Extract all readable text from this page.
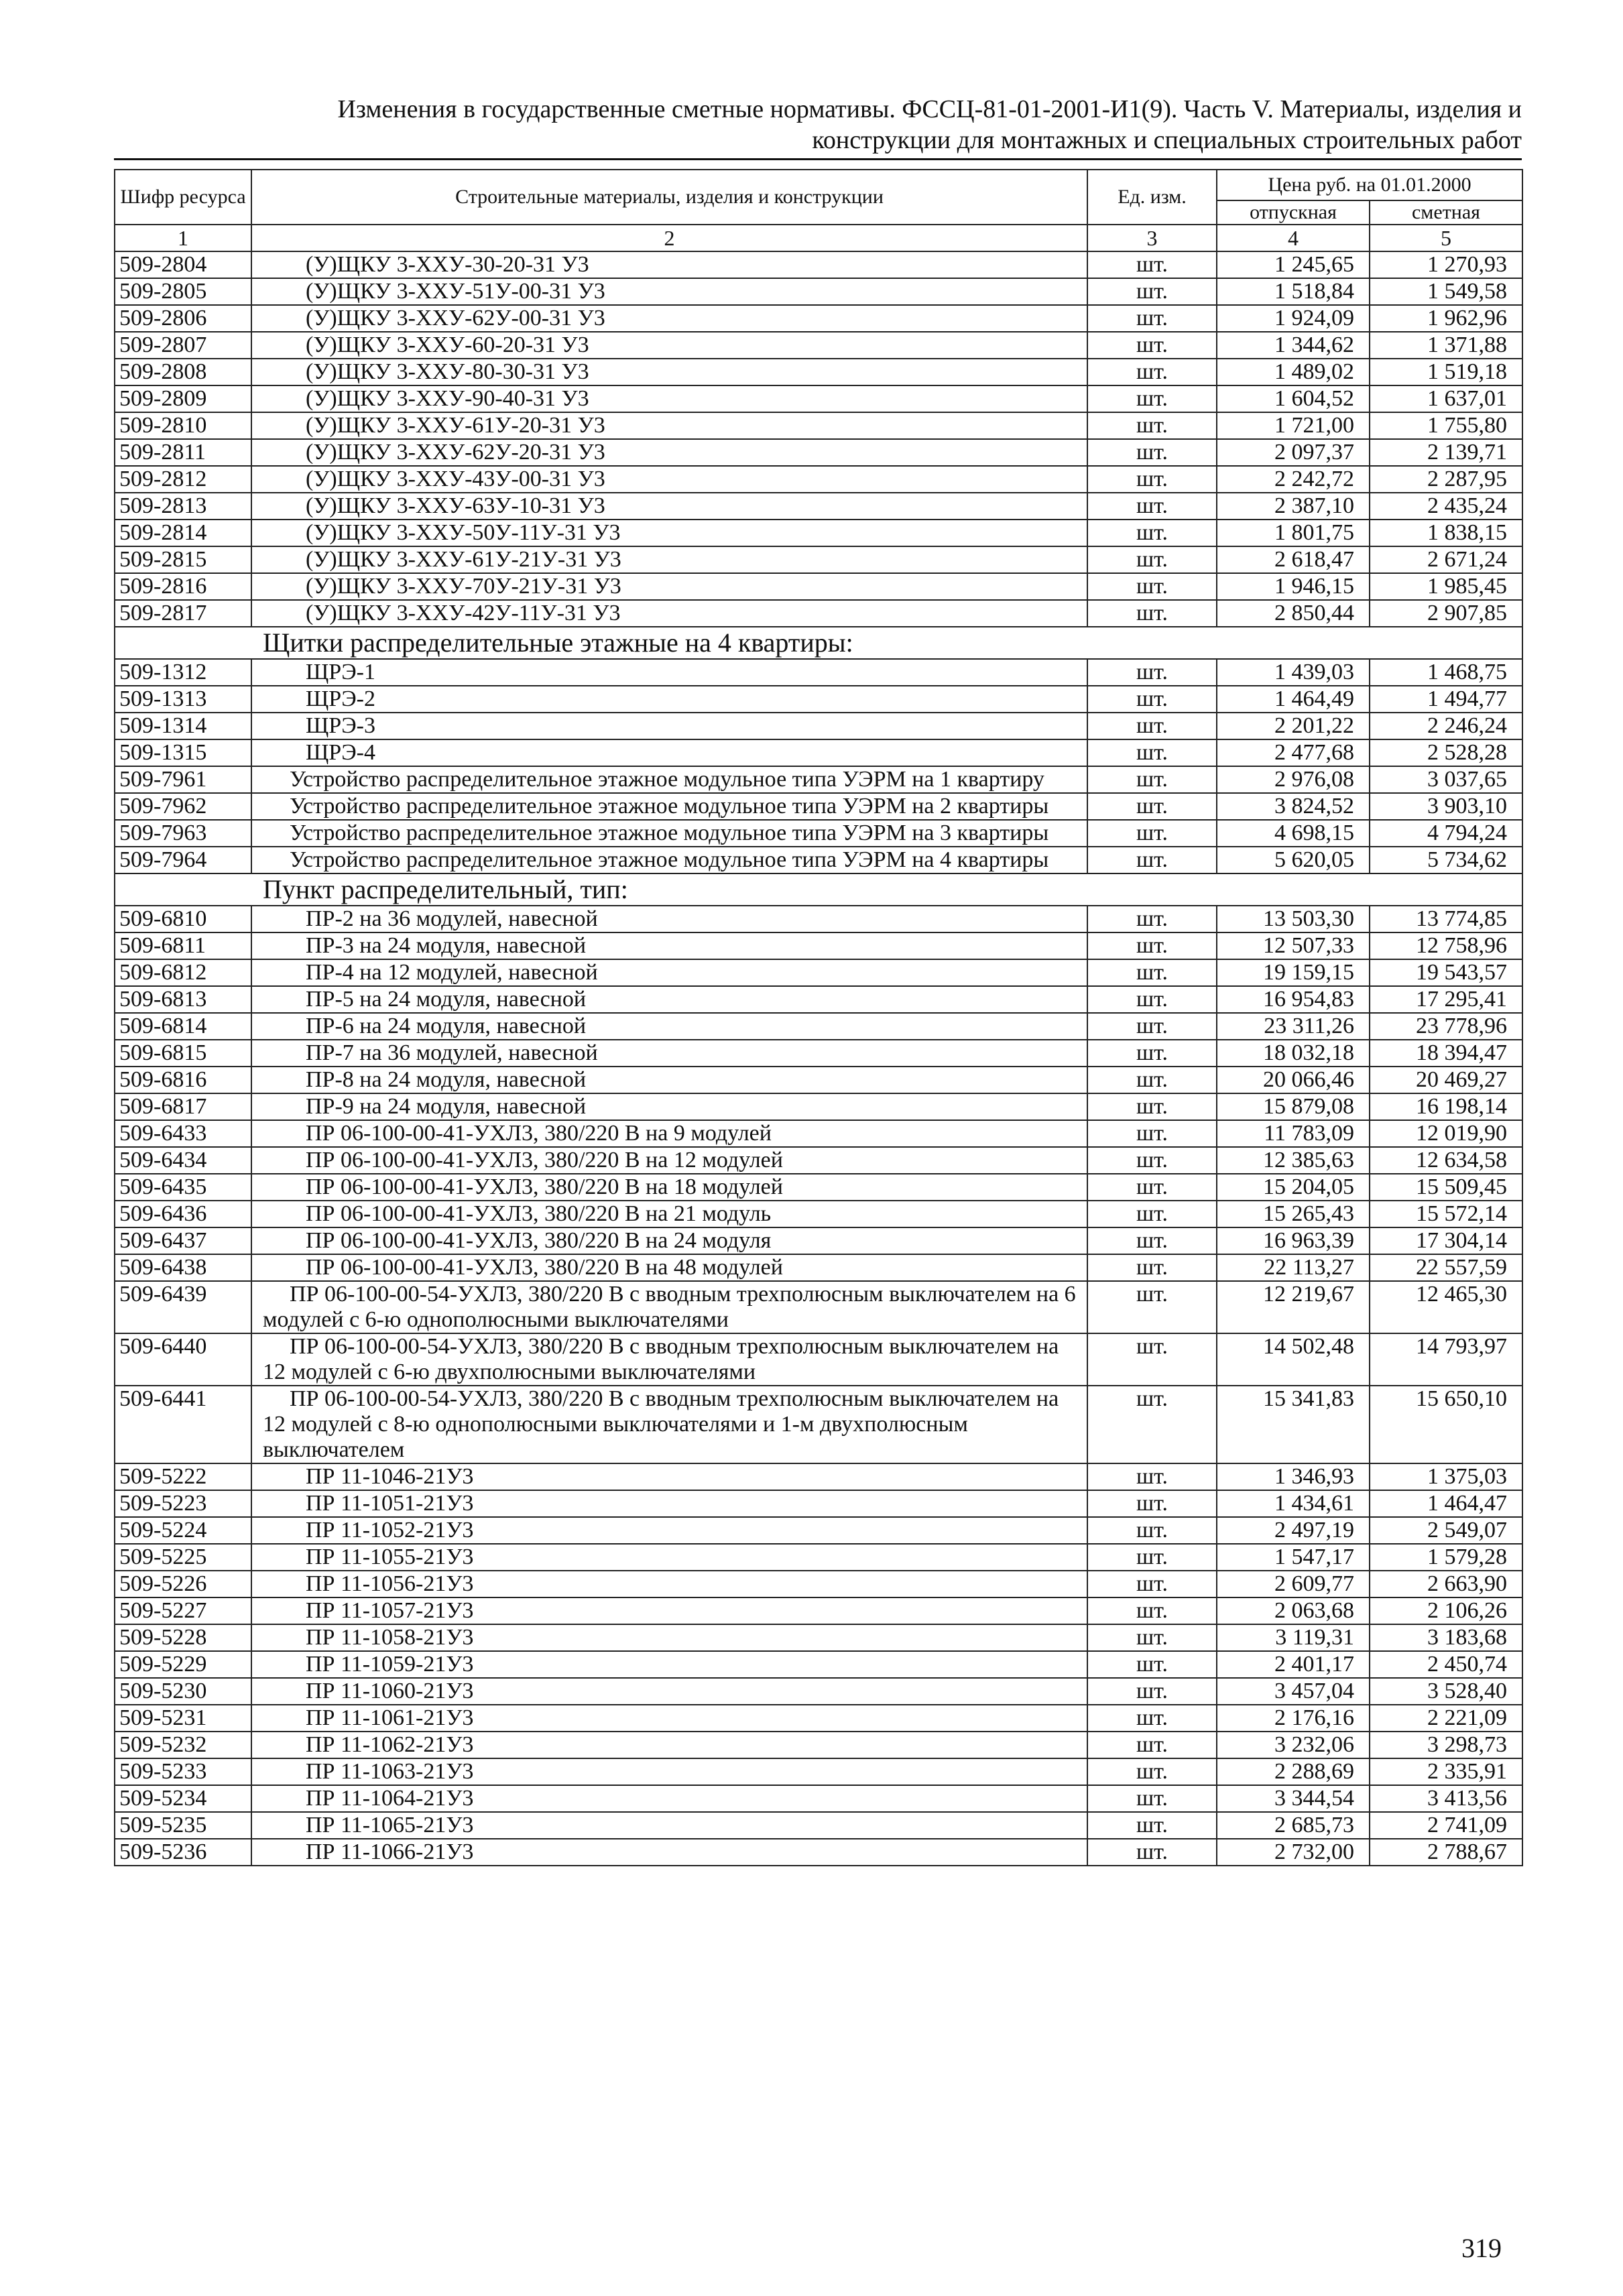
Изменения в государственные сметные нормативы. ФССЦ-81-01-2001-И1(9). Часть V. Материалы, изделия и
конструкции для монтажных и специальных строительных работ
Шифр ресурса	Строительные материалы, изделия и конструкции	Ед. изм.	Цена руб. на 01.01.2000	
			отпускная	сметная
1	2	3	4	5
509-2804	(У)ЩКУ 3-ХХУ-30-20-31 У3	шт.	1 245,65	1 270,93
509-2805	(У)ЩКУ 3-ХХУ-51У-00-31 У3	шт.	1 518,84	1 549,58
509-2806	(У)ЩКУ 3-ХХУ-62У-00-31 У3	шт.	1 924,09	1 962,96
509-2807	(У)ЩКУ 3-ХХУ-60-20-31 У3	шт.	1 344,62	1 371,88
509-2808	(У)ЩКУ 3-ХХУ-80-30-31 У3	шт.	1 489,02	1 519,18
509-2809	(У)ЩКУ 3-ХХУ-90-40-31 У3	шт.	1 604,52	1 637,01
509-2810	(У)ЩКУ 3-ХХУ-61У-20-31 У3	шт.	1 721,00	1 755,80
509-2811	(У)ЩКУ 3-ХХУ-62У-20-31 У3	шт.	2 097,37	2 139,71
509-2812	(У)ЩКУ 3-ХХУ-43У-00-31 У3	шт.	2 242,72	2 287,95
509-2813	(У)ЩКУ 3-ХХУ-63У-10-31 У3	шт.	2 387,10	2 435,24
509-2814	(У)ЩКУ 3-ХХУ-50У-11У-31 У3	шт.	1 801,75	1 838,15
509-2815	(У)ЩКУ 3-ХХУ-61У-21У-31 У3	шт.	2 618,47	2 671,24
509-2816	(У)ЩКУ 3-ХХУ-70У-21У-31 У3	шт.	1 946,15	1 985,45
509-2817	(У)ЩКУ 3-ХХУ-42У-11У-31 У3	шт.	2 850,44	2 907,85
Щитки распределительные этажные на 4 квартиры:				
509-1312	ЩРЭ-1	шт.	1 439,03	1 468,75
509-1313	ЩРЭ-2	шт.	1 464,49	1 494,77
509-1314	ЩРЭ-3	шт.	2 201,22	2 246,24
509-1315	ЩРЭ-4	шт.	2 477,68	2 528,28
509-7961	Устройство распределительное этажное модульное типа УЭРМ на 1 квартиру	шт.	2 976,08	3 037,65
509-7962	Устройство распределительное этажное модульное типа УЭРМ на 2 квартиры	шт.	3 824,52	3 903,10
509-7963	Устройство распределительное этажное модульное типа УЭРМ на 3 квартиры	шт.	4 698,15	4 794,24
509-7964	Устройство распределительное этажное модульное типа УЭРМ на 4 квартиры	шт.	5 620,05	5 734,62
Пункт распределительный, тип:				
509-6810	ПР-2 на 36 модулей, навесной	шт.	13 503,30	13 774,85
509-6811	ПР-3 на 24 модуля, навесной	шт.	12 507,33	12 758,96
509-6812	ПР-4 на 12 модулей, навесной	шт.	19 159,15	19 543,57
509-6813	ПР-5 на 24 модуля, навесной	шт.	16 954,83	17 295,41
509-6814	ПР-6 на 24 модуля, навесной	шт.	23 311,26	23 778,96
509-6815	ПР-7 на 36 модулей, навесной	шт.	18 032,18	18 394,47
509-6816	ПР-8 на 24 модуля, навесной	шт.	20 066,46	20 469,27
509-6817	ПР-9 на 24 модуля, навесной	шт.	15 879,08	16 198,14
509-6433	ПР 06-100-00-41-УХЛ3, 380/220 В на 9 модулей	шт.	11 783,09	12 019,90
509-6434	ПР 06-100-00-41-УХЛ3, 380/220 В на 12 модулей	шт.	12 385,63	12 634,58
509-6435	ПР 06-100-00-41-УХЛ3, 380/220 В на 18 модулей	шт.	15 204,05	15 509,45
509-6436	ПР 06-100-00-41-УХЛ3, 380/220 В на 21 модуль	шт.	15 265,43	15 572,14
509-6437	ПР 06-100-00-41-УХЛ3, 380/220 В на 24 модуля	шт.	16 963,39	17 304,14
509-6438	ПР 06-100-00-41-УХЛ3, 380/220 В на 48 модулей	шт.	22 113,27	22 557,59
509-6439	ПР 06-100-00-54-УХЛ3, 380/220 В с вводным трехполюсным выключателем на 6 модулей с 6-ю однополюсными выключателями	шт.	12 219,67	12 465,30
509-6440	ПР 06-100-00-54-УХЛ3, 380/220 В с вводным трехполюсным выключателем на 12 модулей с 6-ю двухполюсными выключателями	шт.	14 502,48	14 793,97
509-6441	ПР 06-100-00-54-УХЛ3, 380/220 В с вводным трехполюсным выключателем на 12 модулей с 8-ю однополюсными выключателями и 1-м двухполюсным выключателем	шт.	15 341,83	15 650,10
509-5222	ПР 11-1046-21У3	шт.	1 346,93	1 375,03
509-5223	ПР 11-1051-21У3	шт.	1 434,61	1 464,47
509-5224	ПР 11-1052-21У3	шт.	2 497,19	2 549,07
509-5225	ПР 11-1055-21У3	шт.	1 547,17	1 579,28
509-5226	ПР 11-1056-21У3	шт.	2 609,77	2 663,90
509-5227	ПР 11-1057-21У3	шт.	2 063,68	2 106,26
509-5228	ПР 11-1058-21У3	шт.	3 119,31	3 183,68
509-5229	ПР 11-1059-21У3	шт.	2 401,17	2 450,74
509-5230	ПР 11-1060-21У3	шт.	3 457,04	3 528,40
509-5231	ПР 11-1061-21У3	шт.	2 176,16	2 221,09
509-5232	ПР 11-1062-21У3	шт.	3 232,06	3 298,73
509-5233	ПР 11-1063-21У3	шт.	2 288,69	2 335,91
509-5234	ПР 11-1064-21У3	шт.	3 344,54	3 413,56
509-5235	ПР 11-1065-21У3	шт.	2 685,73	2 741,09
509-5236	ПР 11-1066-21У3	шт.	2 732,00	2 788,67
319
